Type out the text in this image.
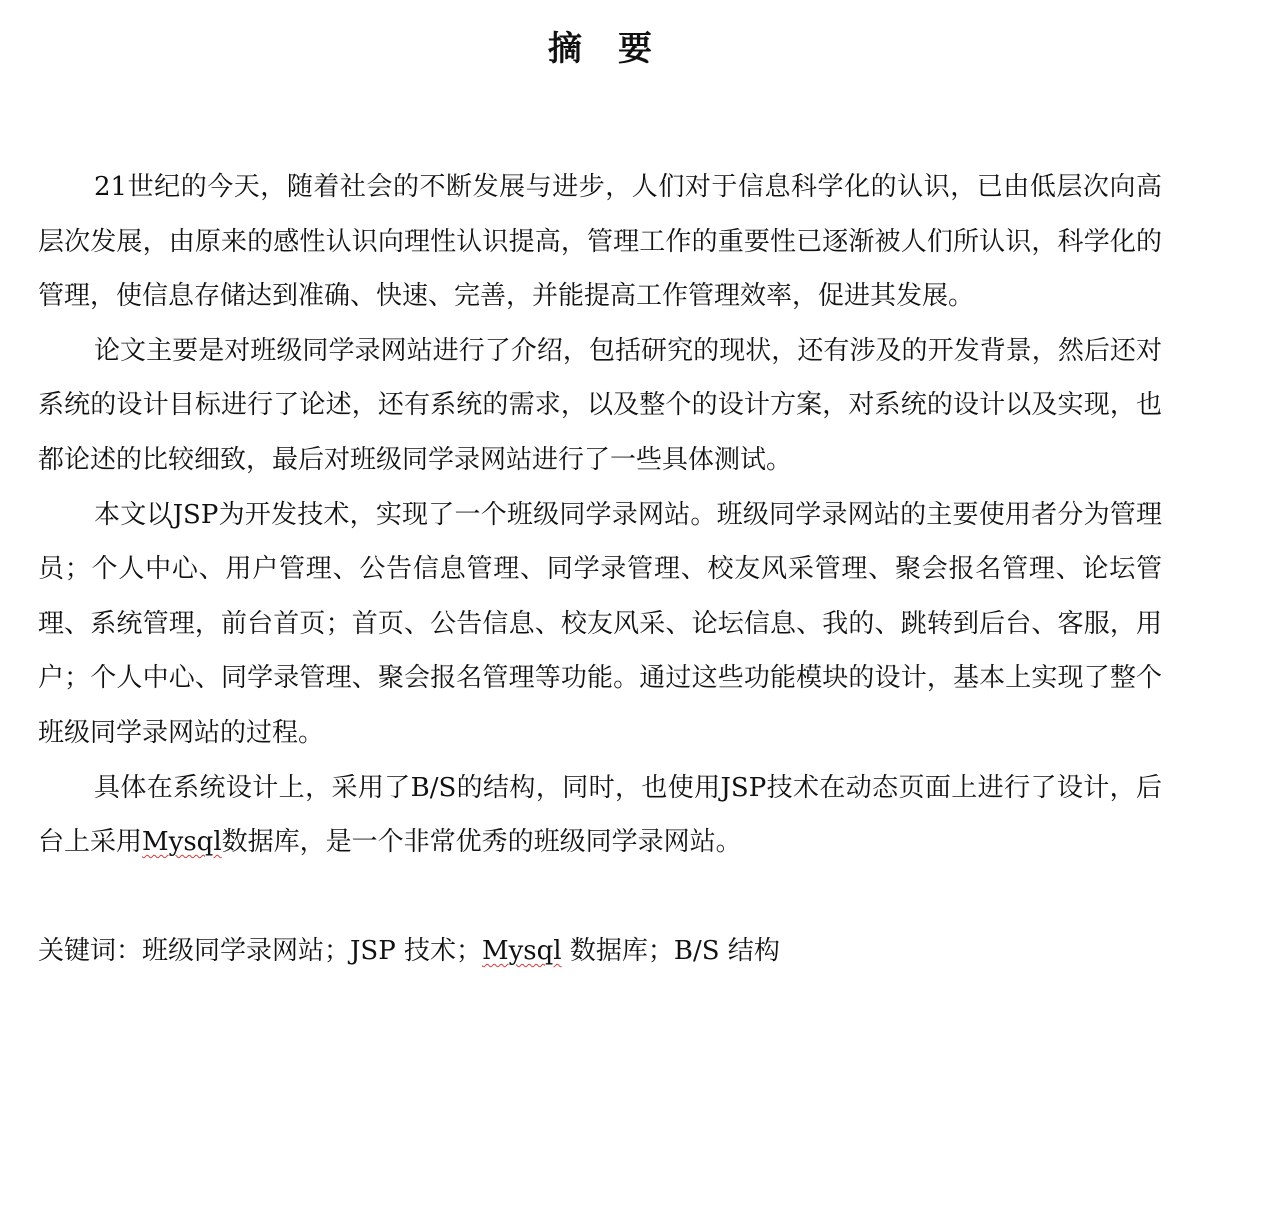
摘 要

21世纪的今天，随着社会的不断发展与进步，人们对于信息科学化的认识，已由低层次向高层次发展，由原来的感性认识向理性认识提高，管理工作的重要性已逐渐被人们所认识，科学化的管理，使信息存储达到准确、快速、完善，并能提高工作管理效率，促进其发展。

论文主要是对班级同学录网站进行了介绍，包括研究的现状，还有涉及的开发背景，然后还对系统的设计目标进行了论述，还有系统的需求，以及整个的设计方案，对系统的设计以及实现，也都论述的比较细致，最后对班级同学录网站进行了一些具体测试。

本文以JSP为开发技术，实现了一个班级同学录网站。班级同学录网站的主要使用者分为管理员；个人中心、用户管理、公告信息管理、同学录管理、校友风采管理、聚会报名管理、论坛管理、系统管理，前台首页；首页、公告信息、校友风采、论坛信息、我的、跳转到后台、客服，用户；个人中心、同学录管理、聚会报名管理等功能。通过这些功能模块的设计，基本上实现了整个班级同学录网站的过程。

具体在系统设计上，采用了B/S的结构，同时，也使用JSP技术在动态页面上进行了设计，后台上采用Mysql数据库，是一个非常优秀的班级同学录网站。

关键词：班级同学录网站；JSP 技术；Mysql 数据库；B/S 结构
